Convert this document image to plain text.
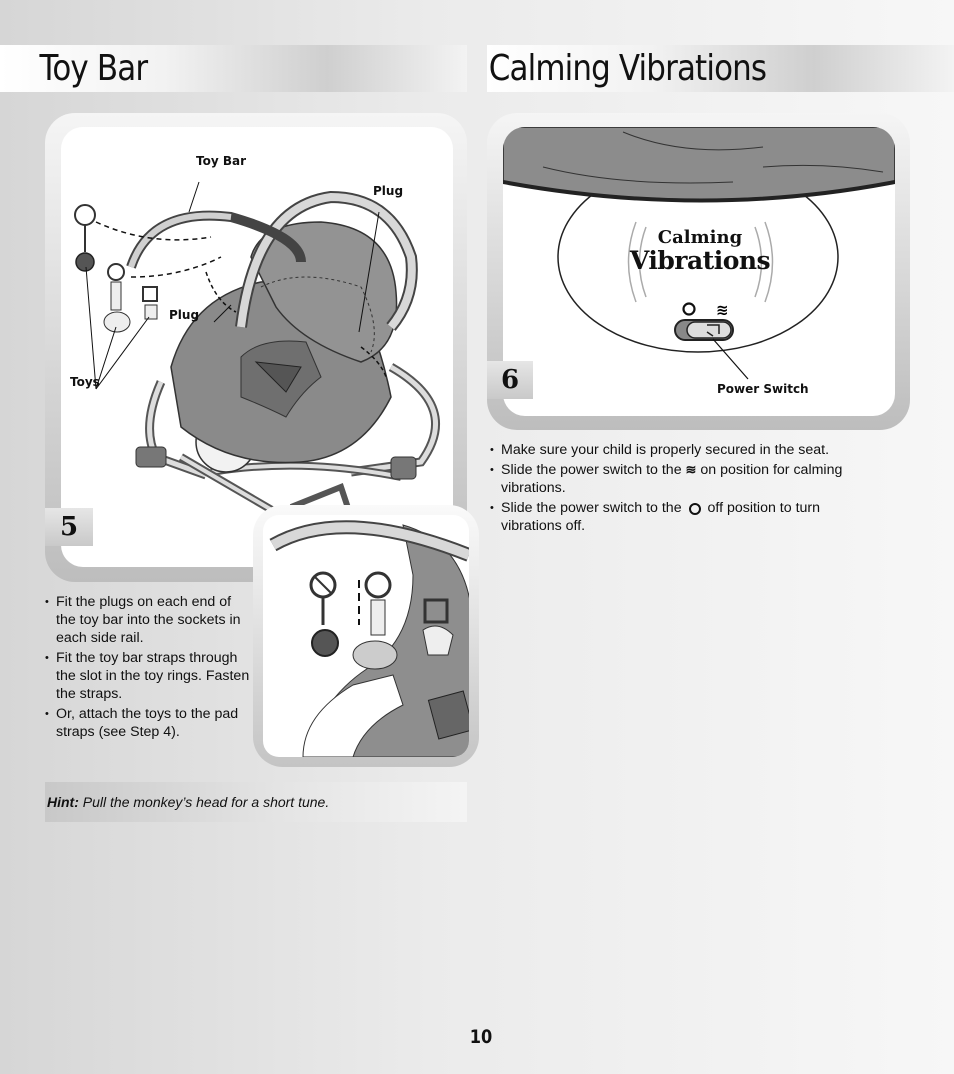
Toy Bar	Calming Vibrations
Toy Bar
Plug
Plug
Toys
5
• Fit the plugs on each end of the toy bar into the sockets in each side rail.
• Fit the toy bar straps through the slot in the toy rings. Fasten the straps.
• Or, attach the toys to the pad straps (see Step 4).
Hint: Pull the monkey’s head for a short tune.
≋
Calming
Vibrations
Power Switch
6
• Make sure your child is properly secured in the seat.
• Slide the power switch to the ≋ on position for calming vibrations.
• Slide the power switch to the  off position to turn vibrations off.
10
